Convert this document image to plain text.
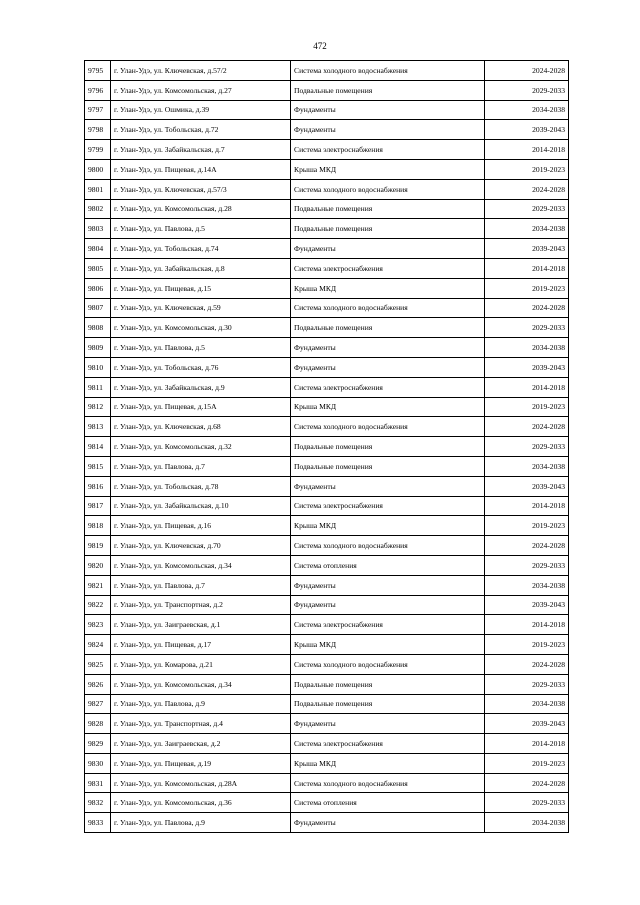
472
9795	г. Улан-Удэ, ул. Ключевская, д.57/2	Система холодного водоснабжения	2024-2028
9796	г. Улан-Удэ, ул. Комсомольская, д.27	Подвальные помещения	2029-2033
9797	г. Улан-Удэ, ул. Ошмика, д.39	Фундаменты	2034-2038
9798	г. Улан-Удэ, ул. Тобольская, д.72	Фундаменты	2039-2043
9799	г. Улан-Удэ, ул. Забайкальская, д.7	Система электроснабжения	2014-2018
9800	г. Улан-Удэ, ул. Пищевая, д.14А	Крыша МКД	2019-2023
9801	г. Улан-Удэ, ул. Ключевская, д.57/3	Система холодного водоснабжения	2024-2028
9802	г. Улан-Удэ, ул. Комсомольская, д.28	Подвальные помещения	2029-2033
9803	г. Улан-Удэ, ул. Павлова, д.5	Подвальные помещения	2034-2038
9804	г. Улан-Удэ, ул. Тобольская, д.74	Фундаменты	2039-2043
9805	г. Улан-Удэ, ул. Забайкальская, д.8	Система электроснабжения	2014-2018
9806	г. Улан-Удэ, ул. Пищевая, д.15	Крыша МКД	2019-2023
9807	г. Улан-Удэ, ул. Ключевская, д.59	Система холодного водоснабжения	2024-2028
9808	г. Улан-Удэ, ул. Комсомольская, д.30	Подвальные помещения	2029-2033
9809	г. Улан-Удэ, ул. Павлова, д.5	Фундаменты	2034-2038
9810	г. Улан-Удэ, ул. Тобольская, д.76	Фундаменты	2039-2043
9811	г. Улан-Удэ, ул. Забайкальская, д.9	Система электроснабжения	2014-2018
9812	г. Улан-Удэ, ул. Пищевая, д.15А	Крыша МКД	2019-2023
9813	г. Улан-Удэ, ул. Ключевская, д.68	Система холодного водоснабжения	2024-2028
9814	г. Улан-Удэ, ул. Комсомольская, д.32	Подвальные помещения	2029-2033
9815	г. Улан-Удэ, ул. Павлова, д.7	Подвальные помещения	2034-2038
9816	г. Улан-Удэ, ул. Тобольская, д.78	Фундаменты	2039-2043
9817	г. Улан-Удэ, ул. Забайкальская, д.10	Система электроснабжения	2014-2018
9818	г. Улан-Удэ, ул. Пищевая, д.16	Крыша МКД	2019-2023
9819	г. Улан-Удэ, ул. Ключевская, д.70	Система холодного водоснабжения	2024-2028
9820	г. Улан-Удэ, ул. Комсомольская, д.34	Система отопления	2029-2033
9821	г. Улан-Удэ, ул. Павлова, д.7	Фундаменты	2034-2038
9822	г. Улан-Удэ, ул. Транспортная, д.2	Фундаменты	2039-2043
9823	г. Улан-Удэ, ул. Заиграевская, д.1	Система электроснабжения	2014-2018
9824	г. Улан-Удэ, ул. Пищевая, д.17	Крыша МКД	2019-2023
9825	г. Улан-Удэ, ул. Комарова, д.21	Система холодного водоснабжения	2024-2028
9826	г. Улан-Удэ, ул. Комсомольская, д.34	Подвальные помещения	2029-2033
9827	г. Улан-Удэ, ул. Павлова, д.9	Подвальные помещения	2034-2038
9828	г. Улан-Удэ, ул. Транспортная, д.4	Фундаменты	2039-2043
9829	г. Улан-Удэ, ул. Заиграевская, д.2	Система электроснабжения	2014-2018
9830	г. Улан-Удэ, ул. Пищевая, д.19	Крыша МКД	2019-2023
9831	г. Улан-Удэ, ул. Комсомольская, д.28А	Система холодного водоснабжения	2024-2028
9832	г. Улан-Удэ, ул. Комсомольская, д.36	Система отопления	2029-2033
9833	г. Улан-Удэ, ул. Павлова, д.9	Фундаменты	2034-2038
